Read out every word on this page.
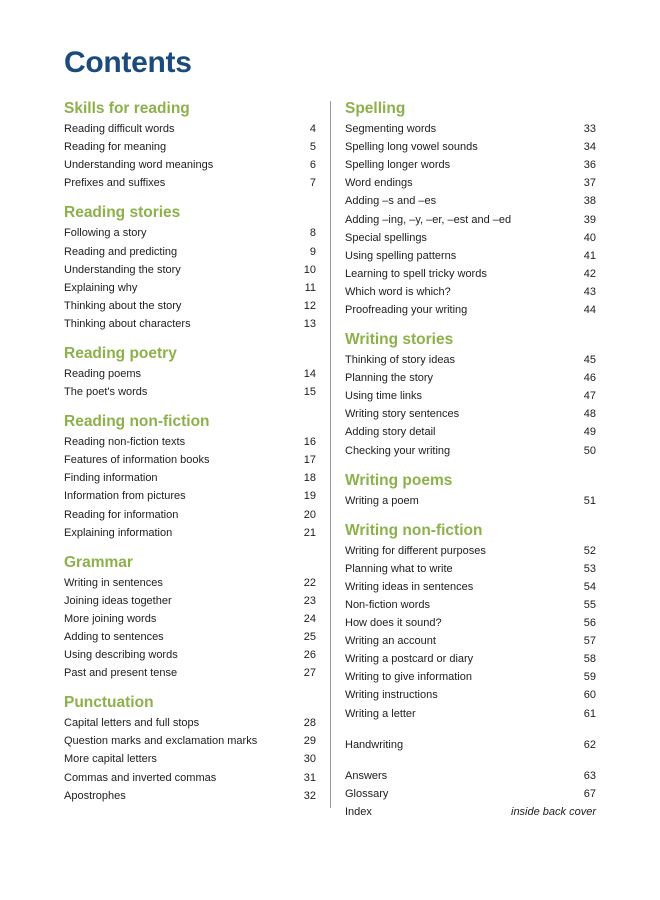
Contents
Skills for reading
Reading difficult words	4
Reading for meaning	5
Understanding word meanings	6
Prefixes and suffixes	7
Reading stories
Following a story	8
Reading and predicting	9
Understanding the story	10
Explaining why	11
Thinking about the story	12
Thinking about characters	13
Reading poetry
Reading poems	14
The poet's words	15
Reading non-fiction
Reading non-fiction texts	16
Features of information books	17
Finding information	18
Information from pictures	19
Reading for information	20
Explaining information	21
Grammar
Writing in sentences	22
Joining ideas together	23
More joining words	24
Adding to sentences	25
Using describing words	26
Past and present tense	27
Punctuation
Capital letters and full stops	28
Question marks and exclamation marks	29
More capital letters	30
Commas and inverted commas	31
Apostrophes	32
Spelling
Segmenting words	33
Spelling long vowel sounds	34
Spelling longer words	36
Word endings	37
Adding –s and –es	38
Adding –ing, –y, –er, –est and –ed	39
Special spellings	40
Using spelling patterns	41
Learning to spell tricky words	42
Which word is which?	43
Proofreading your writing	44
Writing stories
Thinking of story ideas	45
Planning the story	46
Using time links	47
Writing story sentences	48
Adding story detail	49
Checking your writing	50
Writing poems
Writing a poem	51
Writing non-fiction
Writing for different purposes	52
Planning what to write	53
Writing ideas in sentences	54
Non-fiction words	55
How does it sound?	56
Writing an account	57
Writing a postcard or diary	58
Writing to give information	59
Writing instructions	60
Writing a letter	61
Handwriting	62
Answers	63
Glossary	67
Index	inside back cover
